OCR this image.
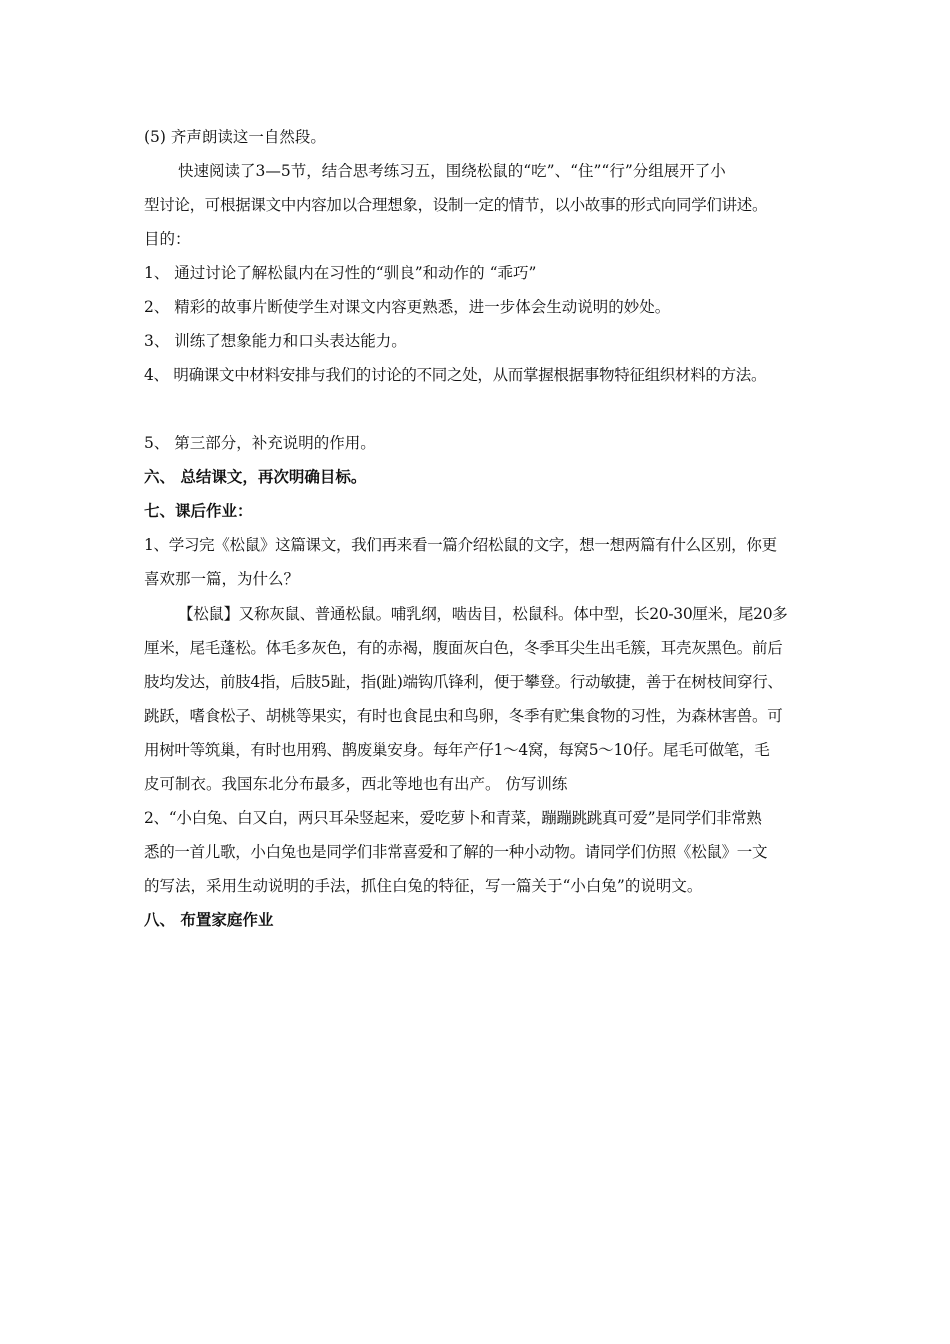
(5) 齐声朗读这一自然段。
快速阅读了3—5节，结合思考练习五，围绕松鼠的“吃”、“住”“行”分组展开了小
型讨论，可根据课文中内容加以合理想象，设制一定的情节，以小故事的形式向同学们讲述。
目的：
1、 通过讨论了解松鼠内在习性的“驯良”和动作的 “乖巧”
2、 精彩的故事片断使学生对课文内容更熟悉，进一步体会生动说明的妙处。
3、 训练了想象能力和口头表达能力。
4、 明确课文中材料安排与我们的讨论的不同之处，从而掌握根据事物特征组织材料的方法。
5、 第三部分，补充说明的作用。
六、 总结课文，再次明确目标。
七、课后作业：
1、学习完《松鼠》这篇课文，我们再来看一篇介绍松鼠的文字，想一想两篇有什么区别，你更
喜欢那一篇，为什么？
【松鼠】又称灰鼠、普通松鼠。哺乳纲，啮齿目，松鼠科。体中型，长20-30厘米，尾20多
厘米，尾毛蓬松。体毛多灰色，有的赤褐，腹面灰白色，冬季耳尖生出毛簇，耳壳灰黑色。前后
肢均发达，前肢4指，后肢5趾，指(趾)端钩爪锋利，便于攀登。行动敏捷，善于在树枝间穿行、
跳跃，嗜食松子、胡桃等果实，有时也食昆虫和鸟卵，冬季有贮集食物的习性，为森林害兽。可
用树叶等筑巢，有时也用鸦、鹊废巢安身。每年产仔1～4窝，每窝5～10仔。尾毛可做笔，毛
皮可制衣。我国东北分布最多，西北等地也有出产。 仿写训练
2、“小白兔、白又白，两只耳朵竖起来，爱吃萝卜和青菜，蹦蹦跳跳真可爱”是同学们非常熟
悉的一首儿歌，小白兔也是同学们非常喜爱和了解的一种小动物。请同学们仿照《松鼠》一文
的写法，采用生动说明的手法，抓住白兔的特征，写一篇关于“小白兔”的说明文。
八、 布置家庭作业
